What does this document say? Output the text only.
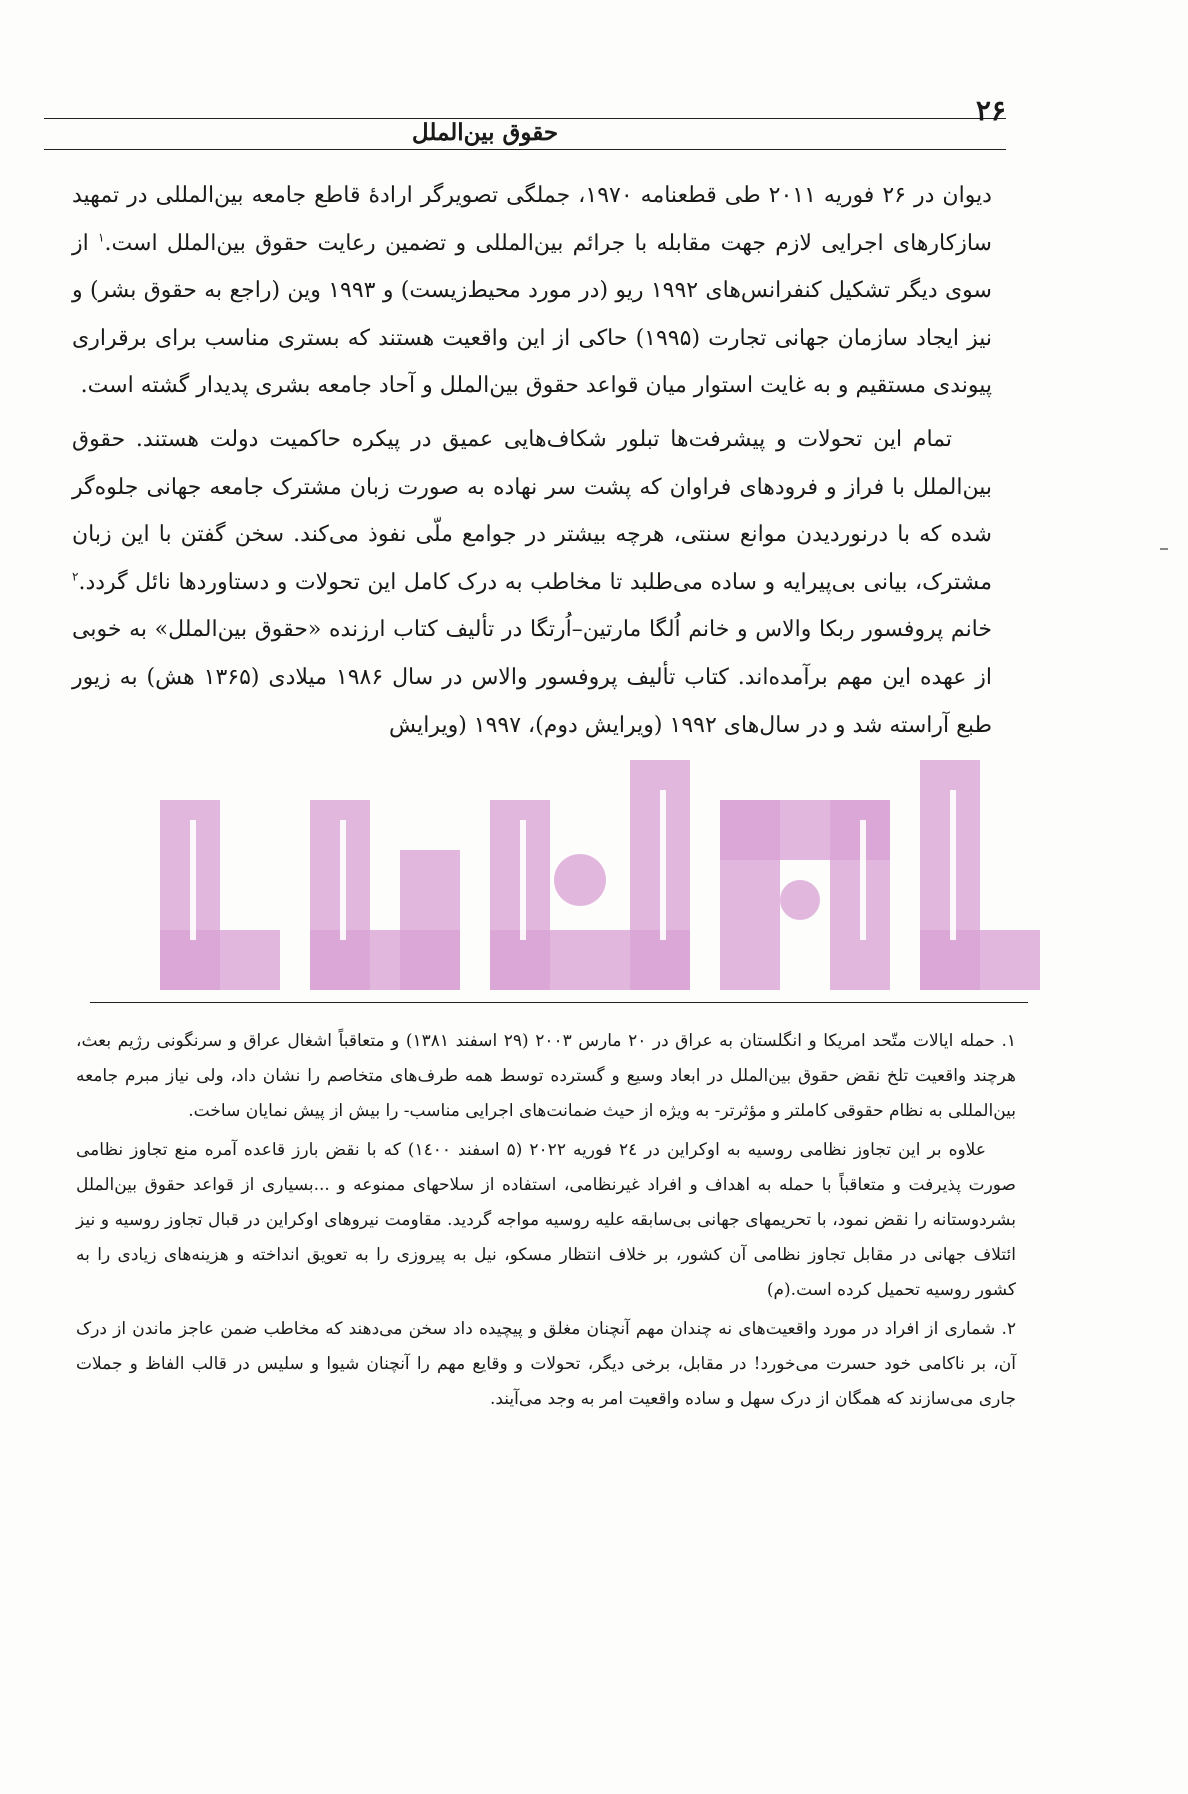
۲۶
حقوق بین‌الملل

دیوان در ۲۶ فوریه ۲۰۱۱ طی قطعنامه ۱۹۷۰، جملگی تصویرگر ارادهٔ قاطع جامعه بین‌المللی در تمهید سازکارهای اجرایی لازم جهت مقابله با جرائم بین‌المللی و تضمین رعایت حقوق بین‌الملل است.$^۱$ از سوی دیگر تشکیل کنفرانس‌های ۱۹۹۲ ریو (در مورد محیط‌زیست) و ۱۹۹۳ وین (راجع به حقوق بشر) و نیز ایجاد سازمان جهانی تجارت (۱۹۹۵) حاکی از این واقعیت هستند که بستری مناسب برای برقراری پیوندی مستقیم و به غایت استوار میان قواعد حقوق بین‌الملل و آحاد جامعه بشری پدیدار گشته است.

تمام این تحولات و پیشرفت‌ها تبلور شکاف‌هایی عمیق در پیکره حاکمیت دولت هستند. حقوق بین‌الملل با فراز و فرودهای فراوان که پشت سر نهاده به صورت زبان مشترک جامعه جهانی جلوه‌گر شده که با درنوردیدن موانع سنتی، هرچه بیشتر در جوامع ملّی نفوذ می‌کند. سخن گفتن با این زبان مشترک، بیانی بی‌پیرایه و ساده می‌طلبد تا مخاطب به درک کامل این تحولات و دستاوردها نائل گردد.$^۲$ خانم پروفسور ربکا والاس و خانم اُلگا مارتین–اُرتگا در تألیف کتاب ارزنده «حقوق بین‌الملل» به خوبی از عهده این مهم برآمده‌اند. کتاب تألیف پروفسور والاس در سال ۱۹۸۶ میلادی (۱۳۶۵ هش) به زیور طبع آراسته شد و در سال‌های ۱۹۹۲ (ویرایش دوم)، ۱۹۹۷ (ویرایش

۱. حمله ایالات متّحد امریکا و انگلستان به عراق در ۲۰ مارس ۲۰۰۳ (۲۹ اسفند ۱۳۸۱) و متعاقباً اشغال عراق و سرنگونی رژیم بعث، هرچند واقعیت تلخ نقض حقوق بین‌الملل در ابعاد وسیع و گسترده توسط همه طرف‌های متخاصم را نشان داد، ولی نیاز مبرم جامعه بین‌المللی به نظام حقوقی کاملتر و مؤثرتر- به ویژه از حیث ضمانت‌های اجرایی مناسب- را بیش از پیش نمایان ساخت.

علاوه بر این تجاوز نظامی روسیه به اوکراین در ۲٤ فوریه ۲۰۲۲ (۵ اسفند ۱٤۰۰) که با نقض بارز قاعده آمره منع تجاوز نظامی صورت پذیرفت و متعاقباً با حمله به اهداف و افراد غیرنظامی، استفاده از سلاحهای ممنوعه و ...بسیاری از قواعد حقوق بین‌الملل بشردوستانه را نقض نمود، با تحریمهای جهانی بی‌سابقه علیه روسیه مواجه گردید. مقاومت نیروهای اوکراین در قبال تجاوز روسیه و نیز ائتلاف جهانی در مقابل تجاوز نظامی آن کشور، بر خلاف انتظار مسکو، نیل به پیروزی را به تعویق انداخته و هزینه‌های زیادی را به کشور روسیه تحمیل کرده است.(م)

۲. شماری از افراد در مورد واقعیت‌های نه چندان مهم آنچنان مغلق و پیچیده داد سخن می‌دهند که مخاطب ضمن عاجز ماندن از درک آن، بر ناکامی خود حسرت می‌خورد! در مقابل، برخی دیگر، تحولات و وقایع مهم را آنچنان شیوا و سلیس در قالب الفاظ و جملات جاری می‌سازند که همگان از درک سهل و ساده واقعیت امر به وجد می‌آیند.
